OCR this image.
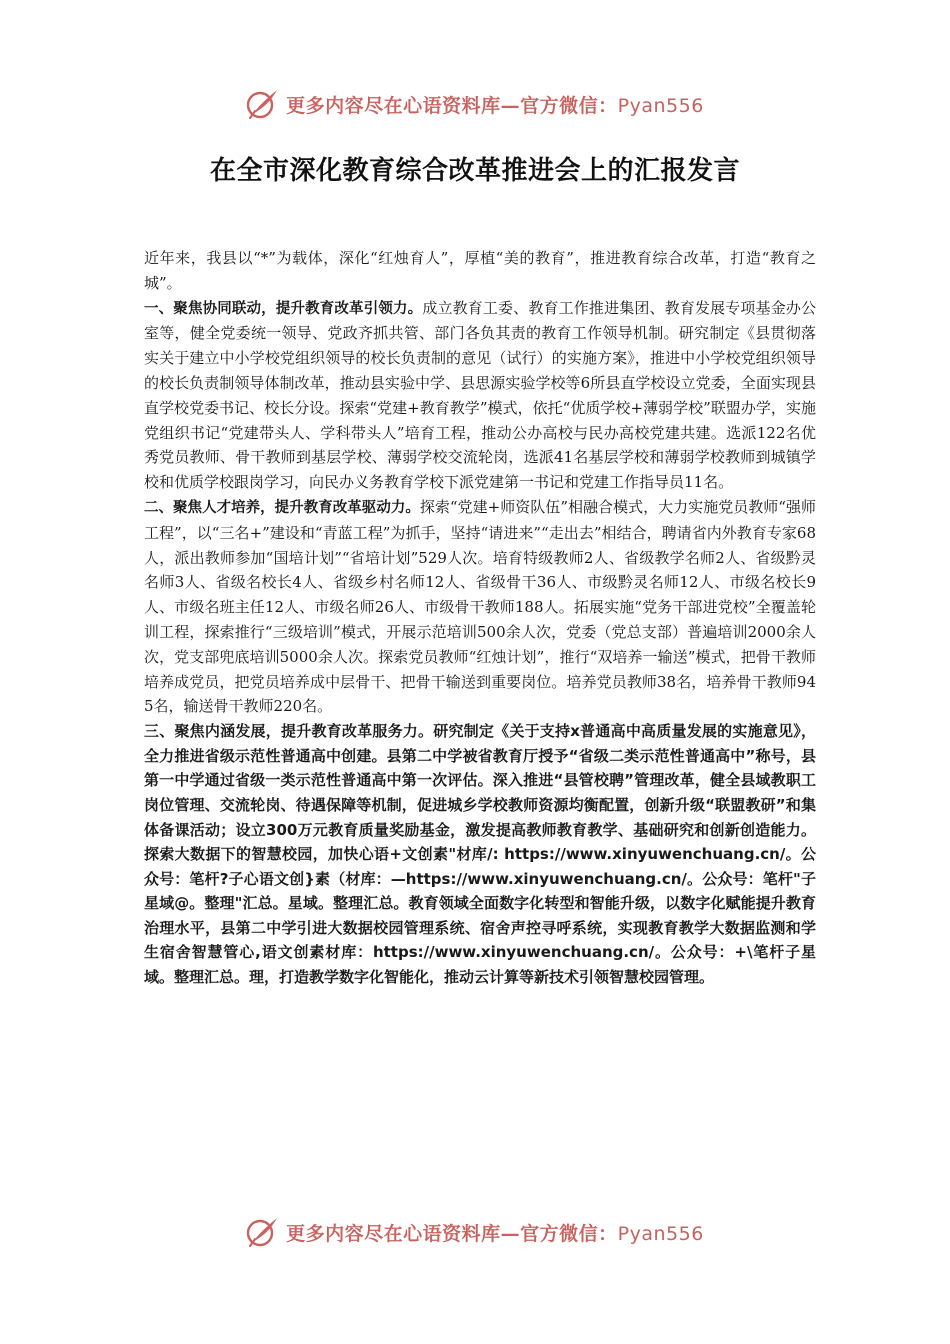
更多内容尽在心语资料库—官方微信：Pyan556
在全市深化教育综合改革推进会上的汇报发言

近年来，我县以“*”为载体，深化“红烛育人”，厚植“美的教育”，推进教育综合改革，打造“教育之城”。

一、聚焦协同联动，提升教育改革引领力。成立教育工委、教育工作推进集团、教育发展专项基金办公室等，健全党委统一领导、党政齐抓共管、部门各负其责的教育工作领导机制。研究制定《县贯彻落实关于建立中小学校党组织领导的校长负责制的意见（试行）的实施方案》，推进中小学校党组织领导的校长负责制领导体制改革，推动县实验中学、县思源实验学校等6所县直学校设立党委，全面实现县直学校党委书记、校长分设。探索“党建+教育教学”模式，依托“优质学校+薄弱学校”联盟办学，实施党组织书记“党建带头人、学科带头人”培育工程，推动公办高校与民办高校党建共建。选派122名优秀党员教师、骨干教师到基层学校、薄弱学校交流轮岗，选派41名基层学校和薄弱学校教师到城镇学校和优质学校跟岗学习，向民办义务教育学校下派党建第一书记和党建工作指导员11名。

二、聚焦人才培养，提升教育改革驱动力。探索“党建+师资队伍”相融合模式，大力实施党员教师“强师工程”，以“三名+”建设和“青蓝工程”为抓手，坚持“请进来”“走出去”相结合，聘请省内外教育专家68人，派出教师参加“国培计划”“省培计划”529人次。培育特级教师2人、省级教学名师2人、省级黔灵名师3人、省级名校长4人、省级乡村名师12人、省级骨干36人、市级黔灵名师12人、市级名校长9人、市级名班主任12人、市级名师26人、市级骨干教师188人。拓展实施“党务干部进党校”全覆盖轮训工程，探索推行“三级培训”模式，开展示范培训500余人次，党委（党总支部）普遍培训2000余人次，党支部兜底培训5000余人次。探索党员教师“红烛计划”，推行“双培养一输送”模式，把骨干教师培养成党员，把党员培养成中层骨干、把骨干输送到重要岗位。培养党员教师38名，培养骨干教师945名，输送骨干教师220名。

三、聚焦内涵发展，提升教育改革服务力。研究制定《关于支持x普通高中高质量发展的实施意见》，全力推进省级示范性普通高中创建。县第二中学被省教育厅授予“省级二类示范性普通高中”称号，县第一中学通过省级一类示范性普通高中第一次评估。深入推进“县管校聘”管理改革，健全县域教职工岗位管理、交流轮岗、待遇保障等机制，促进城乡学校教师资源均衡配置，创新升级“联盟教研”和集体备课活动；设立300万元教育质量奖励基金，激发提高教师教育教学、基础研究和创新创造能力。探索大数据下的智慧校园，加快心语+文创素"材库/: https://www.xinyuwenchuang.cn/。公众号：笔杆?子心语文创}素（材库：—https://www.xinyuwenchuang.cn/。公众号：笔杆"子星域@。整理"汇总。星域。整理汇总。教育领域全面数字化转型和智能升级，以数字化赋能提升教育治理水平，县第二中学引进大数据校园管理系统、宿舍声控寻呼系统，实现教育教学大数据监测和学生宿舍智慧管心,语文创素材库：https://www.xinyuwenchuang.cn/。公众号：+\笔杆子星域。整理汇总。理，打造教学数字化智能化，推动云计算等新技术引领智慧校园管理。

更多内容尽在心语资料库—官方微信：Pyan556
